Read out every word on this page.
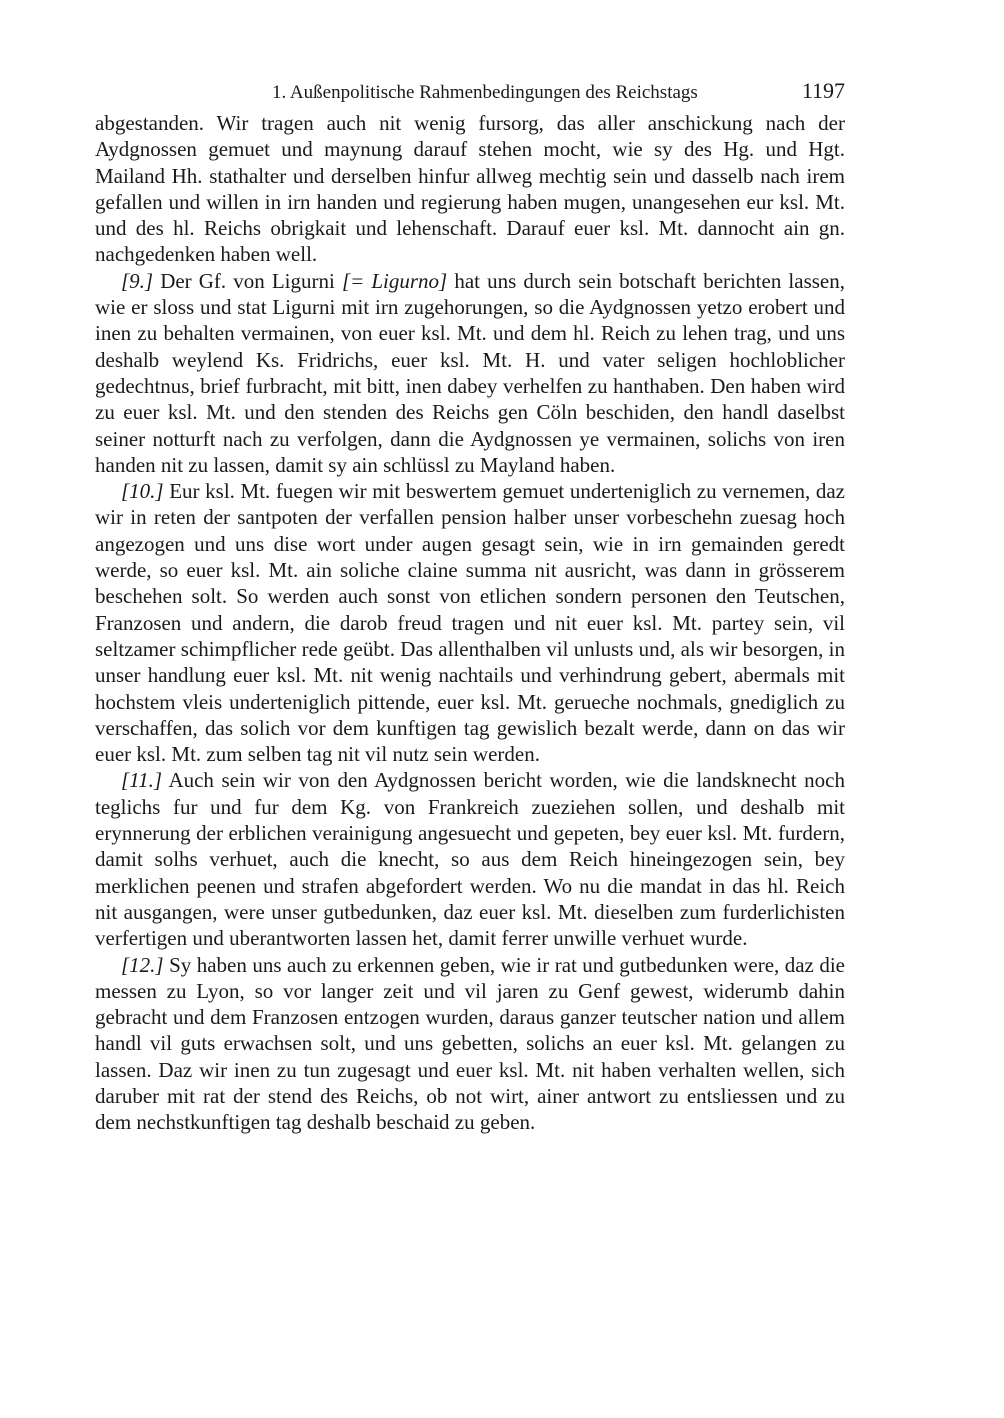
1. Außenpolitische Rahmenbedingungen des Reichstags	1197

abgestanden. Wir tragen auch nit wenig fursorg, das aller anschickung nach der Aydgnossen gemuet und maynung darauf stehen mocht, wie sy des Hg. und Hgt. Mailand Hh. stathalter und derselben hinfur allweg mechtig sein und dasselb nach irem gefallen und willen in irn handen und regierung haben mugen, unangesehen eur ksl. Mt. und des hl. Reichs obrigkait und lehenschaft. Darauf euer ksl. Mt. dannocht ain gn. nachgedenken haben well.

[9.] Der Gf. von Ligurni [= Ligurno] hat uns durch sein botschaft berichten lassen, wie er sloss und stat Ligurni mit irn zugehorungen, so die Aydgnossen yetzo erobert und inen zu behalten vermainen, von euer ksl. Mt. und dem hl. Reich zu lehen trag, und uns deshalb weylend Ks. Fridrichs, euer ksl. Mt. H. und vater seligen hochloblicher gedechtnus, brief furbracht, mit bitt, inen dabey verhelfen zu hanthaben. Den haben wird zu euer ksl. Mt. und den stenden des Reichs gen Cöln beschiden, den handl daselbst seiner notturft nach zu verfolgen, dann die Aydgnossen ye vermainen, solichs von iren handen nit zu lassen, damit sy ain schlüssl zu Mayland haben.

[10.] Eur ksl. Mt. fuegen wir mit beswertem gemuet underteniglich zu vernemen, daz wir in reten der santpoten der verfallen pension halber unser vorbeschehn zuesag hoch angezogen und uns dise wort under augen gesagt sein, wie in irn gemainden geredt werde, so euer ksl. Mt. ain soliche claine summa nit ausricht, was dann in grösserem beschehen solt. So werden auch sonst von etlichen sondern personen den Teutschen, Franzosen und andern, die darob freud tragen und nit euer ksl. Mt. partey sein, vil seltzamer schimpflicher rede geübt. Das allenthalben vil unlusts und, als wir besorgen, in unser handlung euer ksl. Mt. nit wenig nachtails und verhindrung gebert, abermals mit hochstem vleis underteniglich pittende, euer ksl. Mt. gerueche nochmals, gnediglich zu verschaffen, das solich vor dem kunftigen tag gewislich bezalt werde, dann on das wir euer ksl. Mt. zum selben tag nit vil nutz sein werden.

[11.] Auch sein wir von den Aydgnossen bericht worden, wie die landsknecht noch teglichs fur und fur dem Kg. von Frankreich zueziehen sollen, und deshalb mit erynnerung der erblichen verainigung angesuecht und gepeten, bey euer ksl. Mt. furdern, damit solhs verhuet, auch die knecht, so aus dem Reich hineingezogen sein, bey merklichen peenen und strafen abgefordert werden. Wo nu die mandat in das hl. Reich nit ausgangen, were unser gutbedunken, daz euer ksl. Mt. dieselben zum furderlichisten verfertigen und uberantworten lassen het, damit ferrer unwille verhuet wurde.

[12.] Sy haben uns auch zu erkennen geben, wie ir rat und gutbedunken were, daz die messen zu Lyon, so vor langer zeit und vil jaren zu Genf gewest, widerumb dahin gebracht und dem Franzosen entzogen wurden, daraus ganzer teutscher nation und allem handl vil guts erwachsen solt, und uns gebetten, solichs an euer ksl. Mt. gelangen zu lassen. Daz wir inen zu tun zugesagt und euer ksl. Mt. nit haben verhalten wellen, sich daruber mit rat der stend des Reichs, ob not wirt, ainer antwort zu entsliessen und zu dem nechstkunftigen tag deshalb beschaid zu geben.
